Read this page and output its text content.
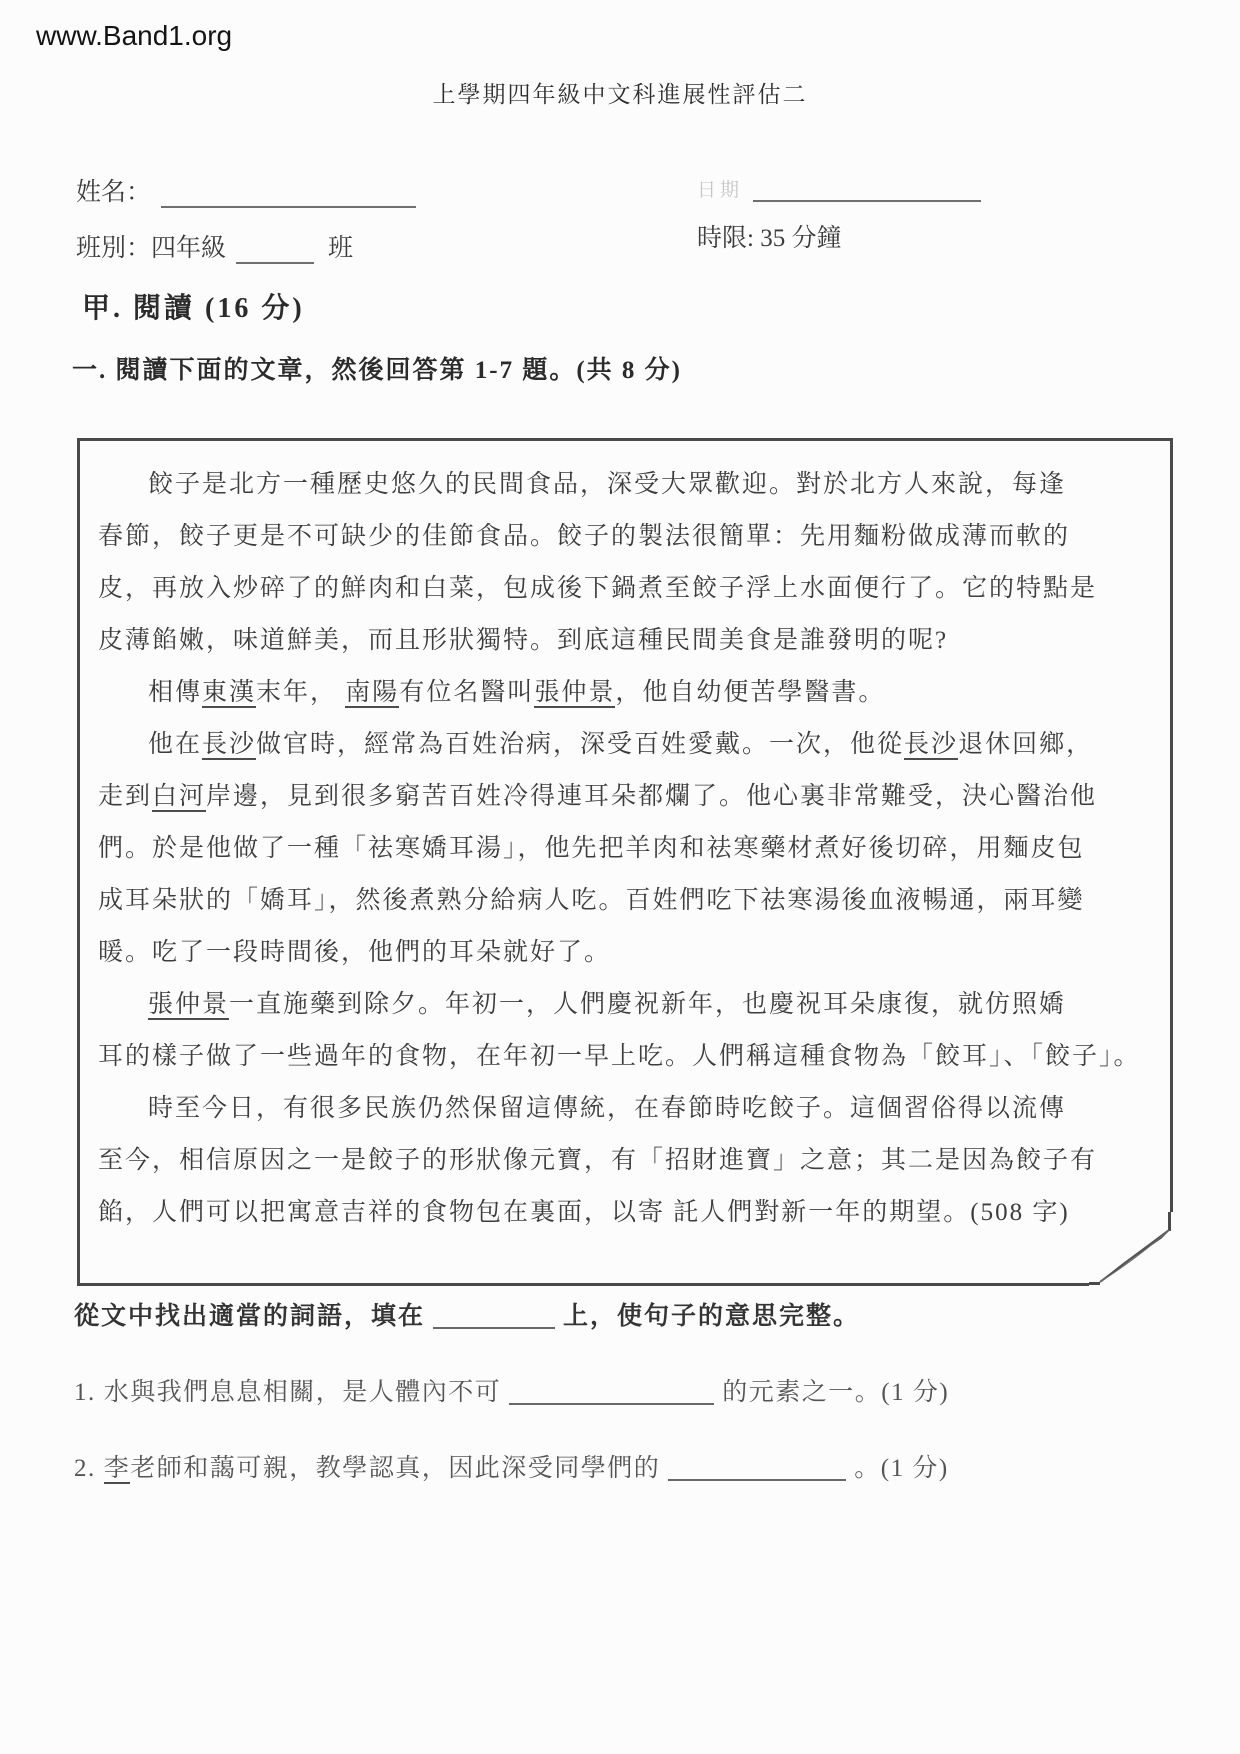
www.Band1.org
上學期四年級中文科進展性評估二
姓名：
班別：四年級	班
日期
時限: 35 分鐘
甲. 閱讀 (16 分)
一. 閱讀下面的文章，然後回答第 1-7 題。(共 8 分)
餃子是北方一種歷史悠久的民間食品，深受大眾歡迎。對於北方人來說，每逢
春節，餃子更是不可缺少的佳節食品。餃子的製法很簡單：先用麵粉做成薄而軟的
皮，再放入炒碎了的鮮肉和白菜，包成後下鍋煮至餃子浮上水面便行了。它的特點是
皮薄餡嫩，味道鮮美，而且形狀獨特。到底這種民間美食是誰發明的呢?
相傳東漢末年， 南陽有位名醫叫張仲景，他自幼便苦學醫書。
他在長沙做官時，經常為百姓治病，深受百姓愛戴。一次，他從長沙退休回鄉，
走到白河岸邊，見到很多窮苦百姓冷得連耳朵都爛了。他心裏非常難受，決心醫治他
們。於是他做了一種「祛寒嬌耳湯」，他先把羊肉和祛寒藥材煮好後切碎，用麵皮包
成耳朵狀的「嬌耳」，然後煮熟分給病人吃。百姓們吃下祛寒湯後血液暢通，兩耳變
暖。吃了一段時間後，他們的耳朵就好了。
張仲景一直施藥到除夕。年初一，人們慶祝新年，也慶祝耳朵康復，就仿照嬌
耳的樣子做了一些過年的食物，在年初一早上吃。人們稱這種食物為「餃耳」、「餃子」。
時至今日，有很多民族仍然保留這傳統，在春節時吃餃子。這個習俗得以流傳
至今，相信原因之一是餃子的形狀像元寶，有「招財進寶」之意；其二是因為餃子有
餡，人們可以把寓意吉祥的食物包在裏面，以寄 託人們對新一年的期望。(508 字)
從文中找出適當的詞語，填在	上，使句子的意思完整。
1. 水與我們息息相關，是人體內不可	的元素之一。(1 分)
2. 李老師和藹可親，教學認真，因此深受同學們的	。(1 分)
